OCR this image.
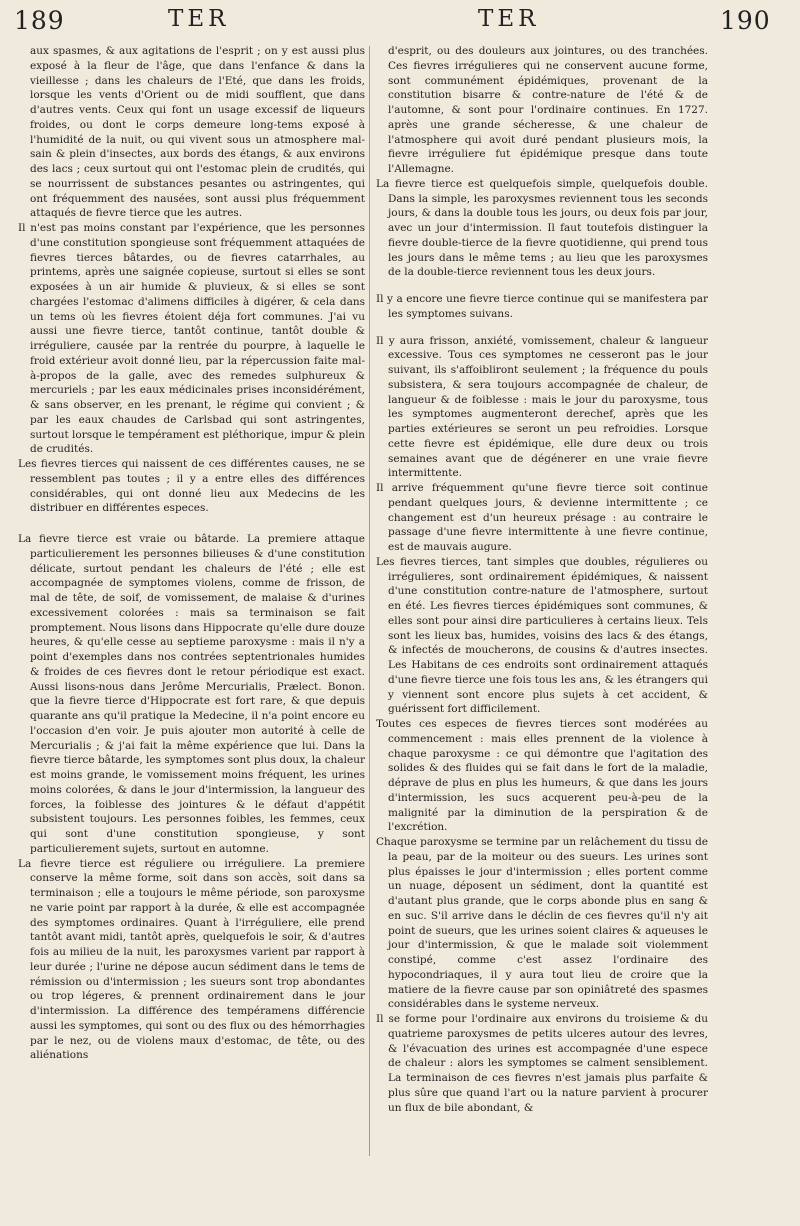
189	TER	TER	190

aux spasmes, & aux agitations de l'esprit ; on y est aussi plus exposé à la fleur de l'âge, que dans l'enfance & dans la vieillesse ; dans les chaleurs de l'Eté, que dans les froids, lorsque les vents d'Orient ou de midi soufflent, que dans d'autres vents. Ceux qui font un usage excessif de liqueurs froides, ou dont le corps demeure long-tems exposé à l'humidité de la nuit, ou qui vivent sous un atmosphere mal-sain & plein d'insectes, aux bords des étangs, & aux environs des lacs ; ceux surtout qui ont l'estomac plein de crudités, qui se nourrissent de substances pesantes ou astringentes, qui ont fréquemment des nausées, sont aussi plus fréquemment attaqués de fievre tierce que les autres.

Il n'est pas moins constant par l'expérience, que les personnes d'une constitution spongieuse sont fréquemment attaquées de fievres tierces bâtardes, ou de fievres catarrhales, au printems, après une saignée copieuse, surtout si elles se sont exposées à un air humide & pluvieux, & si elles se sont chargées l'estomac d'alimens difficiles à digérer, & cela dans un tems où les fievres étoient déja fort communes. J'ai vu aussi une fievre tierce, tantôt continue, tantôt double & irréguliere, causée par la rentrée du pourpre, à laquelle le froid extérieur avoit donné lieu, par la répercussion faite mal-à-propos de la galle, avec des remedes sulphureux & mercuriels ; par les eaux médicinales prises inconsidérément, & sans observer, en les prenant, le régime qui convient ; & par les eaux chaudes de Carlsbad qui sont astringentes, surtout lorsque le tempérament est pléthorique, impur & plein de crudités.

Les fievres tierces qui naissent de ces différentes causes, ne se ressemblent pas toutes ; il y a entre elles des différences considérables, qui ont donné lieu aux Medecins de les distribuer en différentes especes.

La fievre tierce est vraie ou bâtarde. La premiere attaque particulierement les personnes bilieuses & d'une constitution délicate, surtout pendant les chaleurs de l'été ; elle est accompagnée de symptomes violens, comme de frisson, de mal de tête, de soif, de vomissement, de malaise & d'urines excessivement colorées : mais sa terminaison se fait promptement. Nous lisons dans Hippocrate qu'elle dure douze heures, & qu'elle cesse au septieme paroxysme : mais il n'y a point d'exemples dans nos contrées septentrionales humides & froides de ces fievres dont le retour périodique est exact. Aussi lisons-nous dans Jerôme Mercurialis, Prælect. Bonon. que la fievre tierce d'Hippocrate est fort rare, & que depuis quarante ans qu'il pratique la Medecine, il n'a point encore eu l'occasion d'en voir. Je puis ajouter mon autorité à celle de Mercurialis ; & j'ai fait la même expérience que lui. Dans la fievre tierce bâtarde, les symptomes sont plus doux, la chaleur est moins grande, le vomissement moins fréquent, les urines moins colorées, & dans le jour d'intermission, la langueur des forces, la foiblesse des jointures & le défaut d'appétit subsistent toujours. Les personnes foibles, les femmes, ceux qui sont d'une constitution spongieuse, y sont particulierement sujets, surtout en automne.

La fievre tierce est réguliere ou irréguliere. La premiere conserve la même forme, soit dans son accès, soit dans sa terminaison ; elle a toujours le même période, son paroxysme ne varie point par rapport à la durée, & elle est accompagnée des symptomes ordinaires. Quant à l'irréguliere, elle prend tantôt avant midi, tantôt après, quelquefois le soir, & d'autres fois au milieu de la nuit, les paroxysmes varient par rapport à leur durée ; l'urine ne dépose aucun sédiment dans le tems de rémission ou d'intermission ; les sueurs sont trop abondantes ou trop légeres, & prennent ordinairement dans le jour d'intermission. La différence des tempéramens différencie aussi les symptomes, qui sont ou des flux ou des hémorrhagies par le nez, ou de violens maux d'estomac, de tête, ou des aliénations

d'esprit, ou des douleurs aux jointures, ou des tranchées. Ces fievres irrégulieres qui ne conservent aucune forme, sont communément épidémiques, provenant de la constitution bisarre & contre-nature de l'été & de l'automne, & sont pour l'ordinaire continues. En 1727. après une grande sécheresse, & une chaleur de l'atmosphere qui avoit duré pendant plusieurs mois, la fievre irréguliere fut épidémique presque dans toute l'Allemagne.

La fievre tierce est quelquefois simple, quelquefois double. Dans la simple, les paroxysmes reviennent tous les seconds jours, & dans la double tous les jours, ou deux fois par jour, avec un jour d'intermission. Il faut toutefois distinguer la fievre double-tierce de la fievre quotidienne, qui prend tous les jours dans le même tems ; au lieu que les paroxysmes de la double-tierce reviennent tous les deux jours.

Il y a encore une fievre tierce continue qui se manifestera par les symptomes suivans.

Il y aura frisson, anxiété, vomissement, chaleur & langueur excessive. Tous ces symptomes ne cesseront pas le jour suivant, ils s'affoibliront seulement ; la fréquence du pouls subsistera, & sera toujours accompagnée de chaleur, de langueur & de foiblesse : mais le jour du paroxysme, tous les symptomes augmenteront derechef, après que les parties extérieures se seront un peu refroidies. Lorsque cette fievre est épidémique, elle dure deux ou trois semaines avant que de dégénerer en une vraie fievre intermittente.

Il arrive fréquemment qu'une fievre tierce soit continue pendant quelques jours, & devienne intermittente ; ce changement est d'un heureux présage : au contraire le passage d'une fievre intermittente à une fievre continue, est de mauvais augure.

Les fievres tierces, tant simples que doubles, régulieres ou irrégulieres, sont ordinairement épidémiques, & naissent d'une constitution contre-nature de l'atmosphere, surtout en été. Les fievres tierces épidémiques sont communes, & elles sont pour ainsi dire particulieres à certains lieux. Tels sont les lieux bas, humides, voisins des lacs & des étangs, & infectés de moucherons, de cousins & d'autres insectes. Les Habitans de ces endroits sont ordinairement attaqués d'une fievre tierce une fois tous les ans, & les étrangers qui y viennent sont encore plus sujets à cet accident, & guérissent fort difficilement.

Toutes ces especes de fievres tierces sont modérées au commencement : mais elles prennent de la violence à chaque paroxysme : ce qui démontre que l'agitation des solides & des fluides qui se fait dans le fort de la maladie, déprave de plus en plus les humeurs, & que dans les jours d'intermission, les sucs acquerent peu-à-peu de la malignité par la diminution de la perspiration & de l'excrétion.

Chaque paroxysme se termine par un relâchement du tissu de la peau, par de la moiteur ou des sueurs. Les urines sont plus épaisses le jour d'intermission ; elles portent comme un nuage, déposent un sédiment, dont la quantité est d'autant plus grande, que le corps abonde plus en sang & en suc. S'il arrive dans le déclin de ces fievres qu'il n'y ait point de sueurs, que les urines soient claires & aqueuses le jour d'intermission, & que le malade soit violemment constipé, comme c'est assez l'ordinaire des hypocondriaques, il y aura tout lieu de croire que la matiere de la fievre cause par son opiniâtreté des spasmes considérables dans le systeme nerveux.

Il se forme pour l'ordinaire aux environs du troisieme & du quatrieme paroxysmes de petits ulceres autour des levres, & l'évacuation des urines est accompagnée d'une espece de chaleur : alors les symptomes se calment sensiblement. La terminaison de ces fievres n'est jamais plus parfaite & plus sûre que quand l'art ou la nature parvient à procurer un flux de bile abondant, &
